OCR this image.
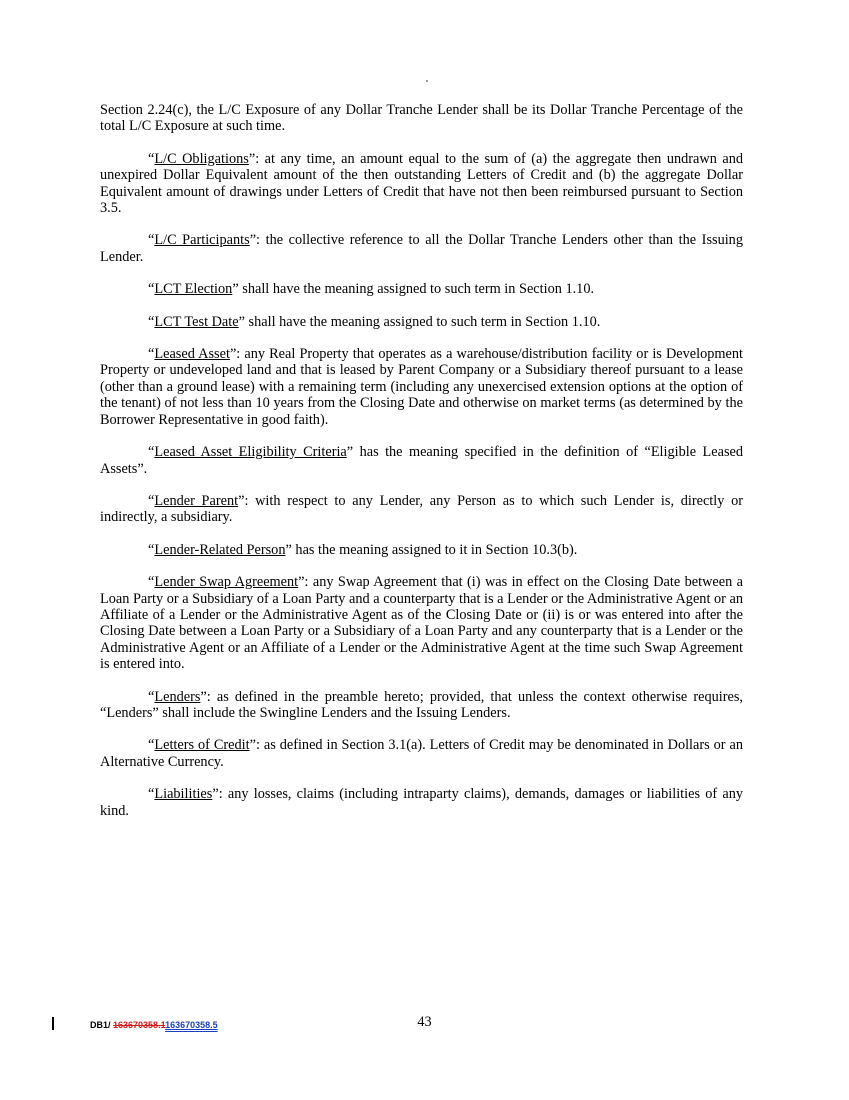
Section 2.24(c), the L/C Exposure of any Dollar Tranche Lender shall be its Dollar Tranche Percentage of the total L/C Exposure at such time.

“L/C Obligations”: at any time, an amount equal to the sum of (a) the aggregate then undrawn and unexpired Dollar Equivalent amount of the then outstanding Letters of Credit and (b) the aggregate Dollar Equivalent amount of drawings under Letters of Credit that have not then been reimbursed pursuant to Section 3.5.

“L/C Participants”: the collective reference to all the Dollar Tranche Lenders other than the Issuing Lender.

“LCT Election” shall have the meaning assigned to such term in Section 1.10.

“LCT Test Date” shall have the meaning assigned to such term in Section 1.10.

“Leased Asset”: any Real Property that operates as a warehouse/distribution facility or is Development Property or undeveloped land and that is leased by Parent Company or a Subsidiary thereof pursuant to a lease (other than a ground lease) with a remaining term (including any unexercised extension options at the option of the tenant) of not less than 10 years from the Closing Date and otherwise on market terms (as determined by the Borrower Representative in good faith).

“Leased Asset Eligibility Criteria” has the meaning specified in the definition of “Eligible Leased Assets”.

“Lender Parent”: with respect to any Lender, any Person as to which such Lender is, directly or indirectly, a subsidiary.

“Lender-Related Person” has the meaning assigned to it in Section 10.3(b).

“Lender Swap Agreement”: any Swap Agreement that (i) was in effect on the Closing Date between a Loan Party or a Subsidiary of a Loan Party and a counterparty that is a Lender or the Administrative Agent or an Affiliate of a Lender or the Administrative Agent as of the Closing Date or (ii) is or was entered into after the Closing Date between a Loan Party or a Subsidiary of a Loan Party and any counterparty that is a Lender or the Administrative Agent or an Affiliate of a Lender or the Administrative Agent at the time such Swap Agreement is entered into.

“Lenders”: as defined in the preamble hereto; provided, that unless the context otherwise requires, “Lenders” shall include the Swingline Lenders and the Issuing Lenders.

“Letters of Credit”: as defined in Section 3.1(a). Letters of Credit may be denominated in Dollars or an Alternative Currency.

“Liabilities”: any losses, claims (including intraparty claims), demands, damages or liabilities of any kind.

DB1/ 163670358.1163670358.5	43
